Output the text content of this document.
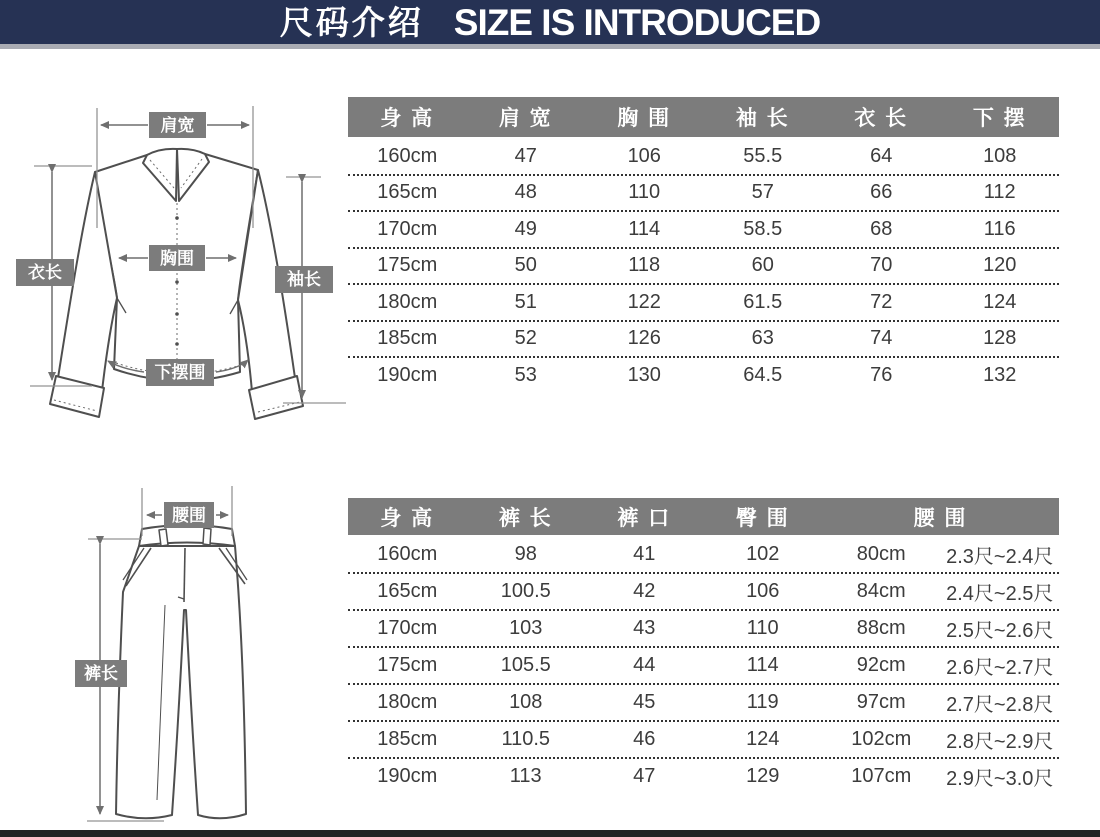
尺码介绍 SIZE IS INTRODUCED
肩宽
胸围
衣长	袖长
下摆围
身 高	肩 宽	胸 围	袖 长	衣 长	下 摆
160cm	47	106	55.5	64	108
165cm	48	110	57	66	112
170cm	49	114	58.5	68	116
175cm	50	118	60	70	120
180cm	51	122	61.5	72	124
185cm	52	126	63	74	128
190cm	53	130	64.5	76	132
腰围
裤长
身 高	裤 长	裤 口	臀 围	腰 围
160cm	98	41	102	80cm	2.3尺~2.4尺
165cm	100.5	42	106	84cm	2.4尺~2.5尺
170cm	103	43	110	88cm	2.5尺~2.6尺
175cm	105.5	44	114	92cm	2.6尺~2.7尺
180cm	108	45	119	97cm	2.7尺~2.8尺
185cm	110.5	46	124	102cm	2.8尺~2.9尺
190cm	113	47	129	107cm	2.9尺~3.0尺
